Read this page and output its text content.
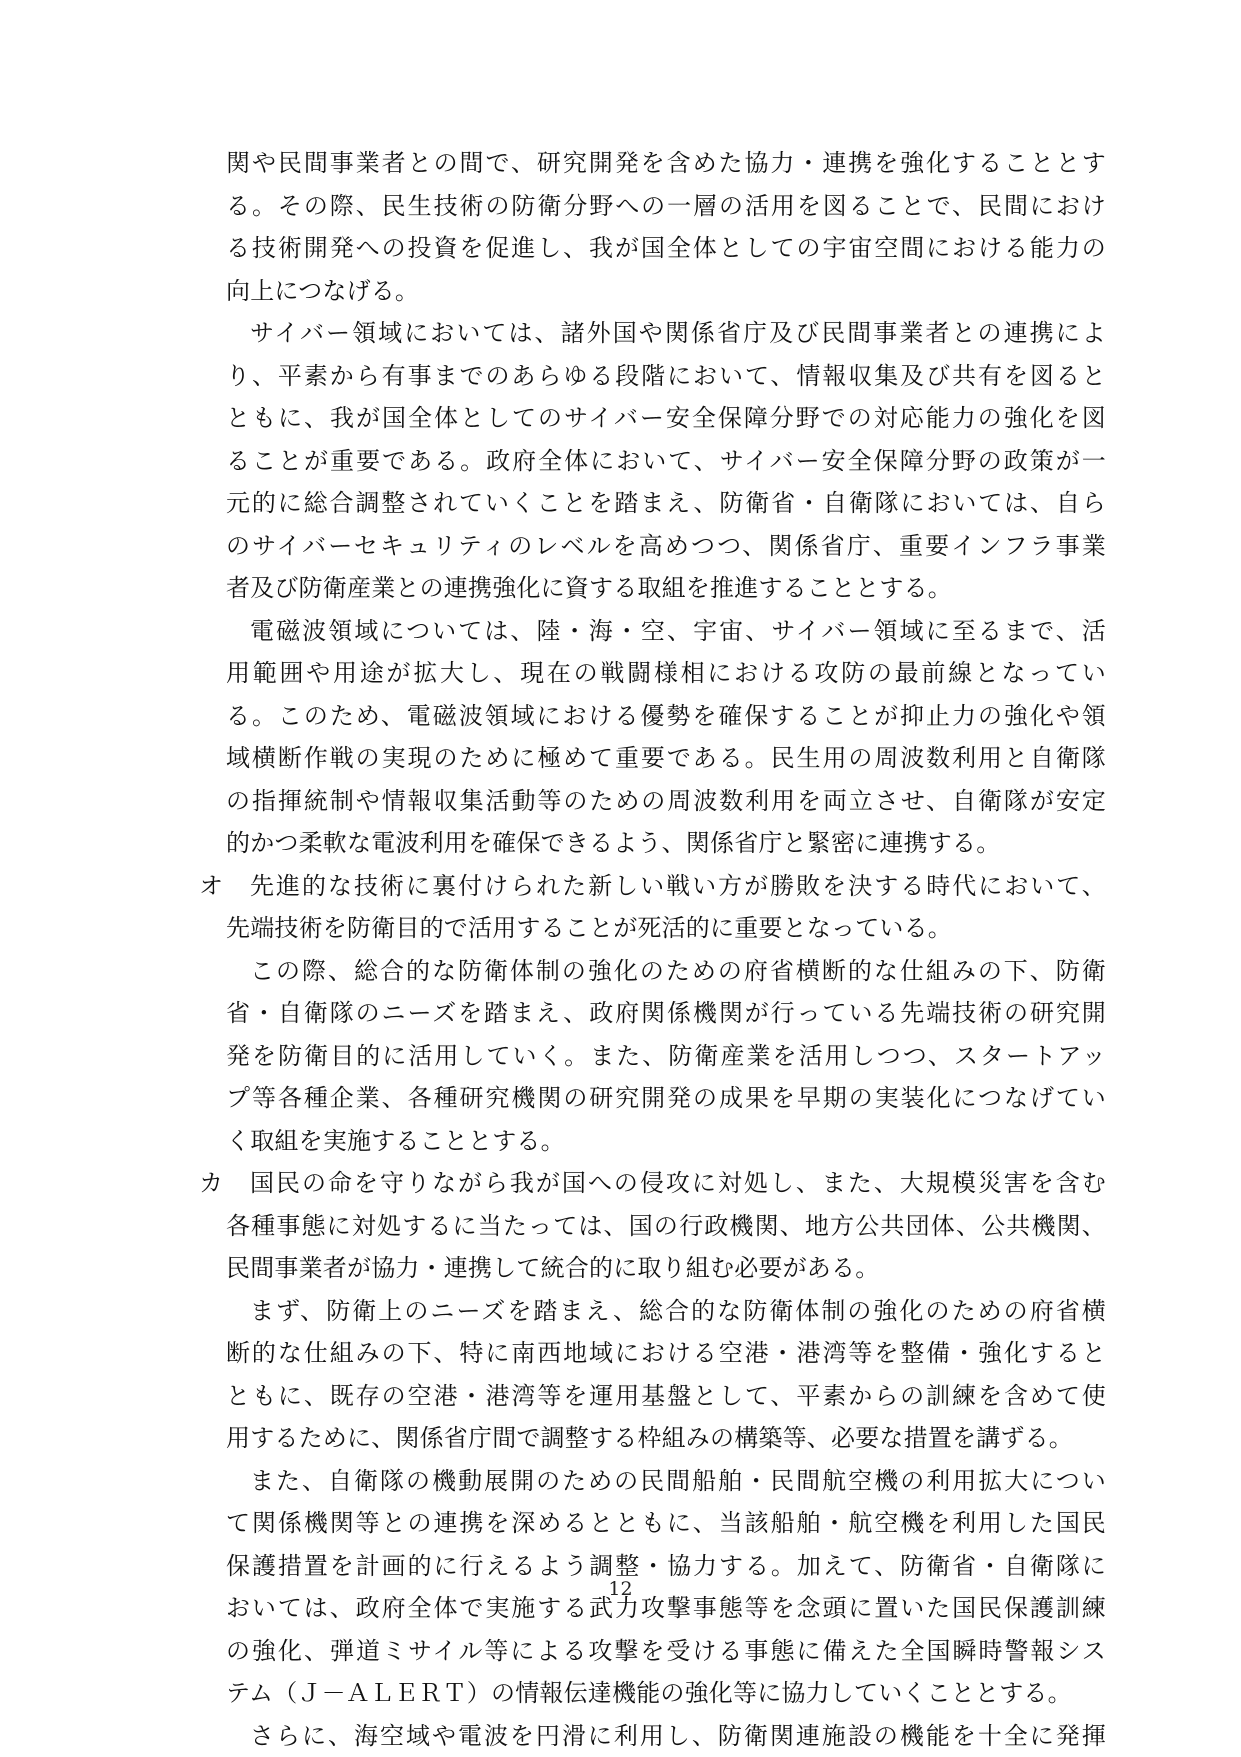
関や民間事業者との間で、研究開発を含めた協力・連携を強化することとす
る。その際、民生技術の防衛分野への一層の活用を図ることで、民間におけ
る技術開発への投資を促進し、我が国全体としての宇宙空間における能力の
向上につなげる。
サイバー領域においては、諸外国や関係省庁及び民間事業者との連携によ
り、平素から有事までのあらゆる段階において、情報収集及び共有を図ると
ともに、我が国全体としてのサイバー安全保障分野での対応能力の強化を図
ることが重要である。政府全体において、サイバー安全保障分野の政策が一
元的に総合調整されていくことを踏まえ、防衛省・自衛隊においては、自ら
のサイバーセキュリティのレベルを高めつつ、関係省庁、重要インフラ事業
者及び防衛産業との連携強化に資する取組を推進することとする。
電磁波領域については、陸・海・空、宇宙、サイバー領域に至るまで、活
用範囲や用途が拡大し、現在の戦闘様相における攻防の最前線となってい
る。このため、電磁波領域における優勢を確保することが抑止力の強化や領
域横断作戦の実現のために極めて重要である。民生用の周波数利用と自衛隊
の指揮統制や情報収集活動等のための周波数利用を両立させ、自衛隊が安定
的かつ柔軟な電波利用を確保できるよう、関係省庁と緊密に連携する。
オ 先進的な技術に裏付けられた新しい戦い方が勝敗を決する時代において、
先端技術を防衛目的で活用することが死活的に重要となっている。
この際、総合的な防衛体制の強化のための府省横断的な仕組みの下、防衛
省・自衛隊のニーズを踏まえ、政府関係機関が行っている先端技術の研究開
発を防衛目的に活用していく。また、防衛産業を活用しつつ、スタートアッ
プ等各種企業、各種研究機関の研究開発の成果を早期の実装化につなげてい
く取組を実施することとする。
カ 国民の命を守りながら我が国への侵攻に対処し、また、大規模災害を含む
各種事態に対処するに当たっては、国の行政機関、地方公共団体、公共機関、
民間事業者が協力・連携して統合的に取り組む必要がある。
まず、防衛上のニーズを踏まえ、総合的な防衛体制の強化のための府省横
断的な仕組みの下、特に南西地域における空港・港湾等を整備・強化すると
ともに、既存の空港・港湾等を運用基盤として、平素からの訓練を含めて使
用するために、関係省庁間で調整する枠組みの構築等、必要な措置を講ずる。
また、自衛隊の機動展開のための民間船舶・民間航空機の利用拡大につい
て関係機関等との連携を深めるとともに、当該船舶・航空機を利用した国民
保護措置を計画的に行えるよう調整・協力する。加えて、防衛省・自衛隊に
おいては、政府全体で実施する武力攻撃事態等を念頭に置いた国民保護訓練
の強化、弾道ミサイル等による攻撃を受ける事態に備えた全国瞬時警報シス
テム（Ｊ－ＡＬＥＲＴ）の情報伝達機能の強化等に協力していくこととする。
さらに、海空域や電波を円滑に利用し、防衛関連施設の機能を十全に発揮
12
